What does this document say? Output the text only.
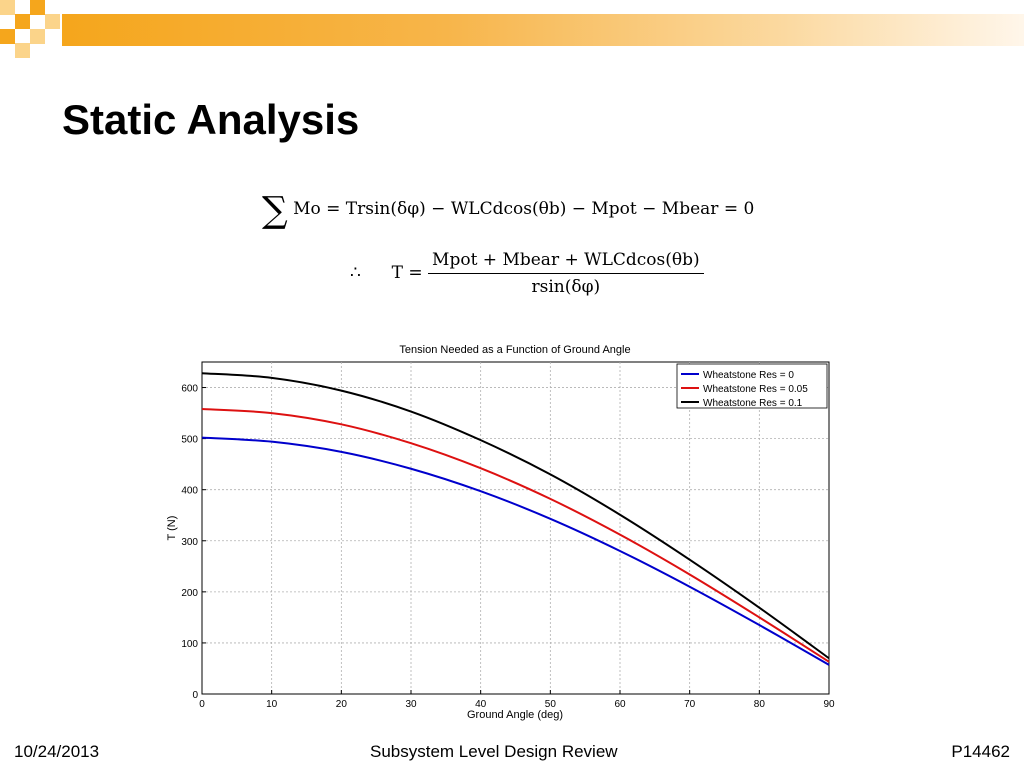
Static Analysis
∑ Mo = Trsin(δφ) − WLCdcos(θb) − Mpot − Mbear = 0
∴ $T = \frac{\text{Mpot + Mbear + WLCdcos(θb)}}{rsin(\delta\varphi)}$
0	10	20	30	40	50	60	70	80	90
0
100
200
300
400
500
600
Tension Needed as a Function of Ground Angle
Ground Angle (deg)
T (N)
Wheatstone Res = 0
Wheatstone Res = 0.05
Wheatstone Res = 0.1
10/24/2013	Subsystem Level Design Review	P14462
